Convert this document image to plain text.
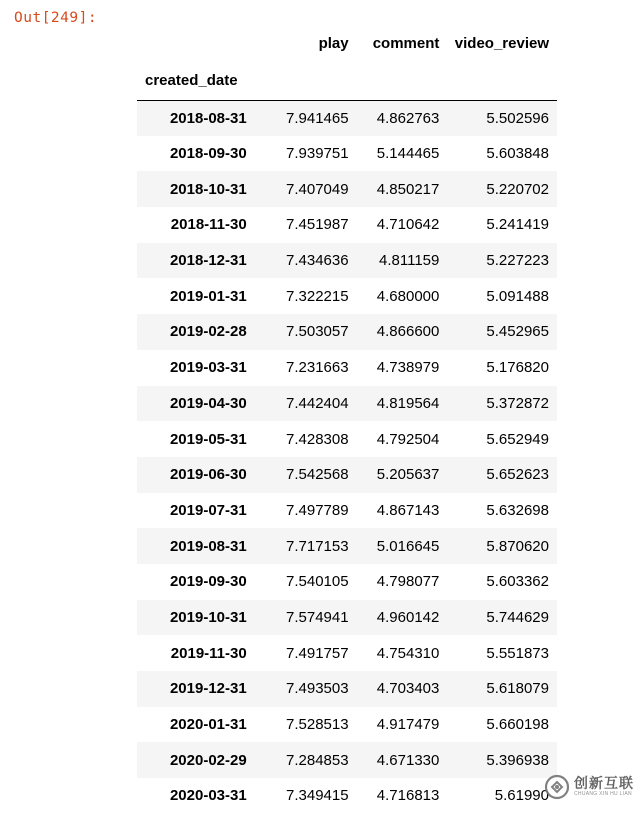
Out[249]:
	play	comment	video_review
created_date			
2018-08-31	7.941465	4.862763	5.502596
2018-09-30	7.939751	5.144465	5.603848
2018-10-31	7.407049	4.850217	5.220702
2018-11-30	7.451987	4.710642	5.241419
2018-12-31	7.434636	4.811159	5.227223
2019-01-31	7.322215	4.680000	5.091488
2019-02-28	7.503057	4.866600	5.452965
2019-03-31	7.231663	4.738979	5.176820
2019-04-30	7.442404	4.819564	5.372872
2019-05-31	7.428308	4.792504	5.652949
2019-06-30	7.542568	5.205637	5.652623
2019-07-31	7.497789	4.867143	5.632698
2019-08-31	7.717153	5.016645	5.870620
2019-09-30	7.540105	4.798077	5.603362
2019-10-31	7.574941	4.960142	5.744629
2019-11-30	7.491757	4.754310	5.551873
2019-12-31	7.493503	4.703403	5.618079
2020-01-31	7.528513	4.917479	5.660198
2020-02-29	7.284853	4.671330	5.396938
2020-03-31	7.349415	4.716813	5.61990
创新互联
CHUANG XIN HU LIAN
